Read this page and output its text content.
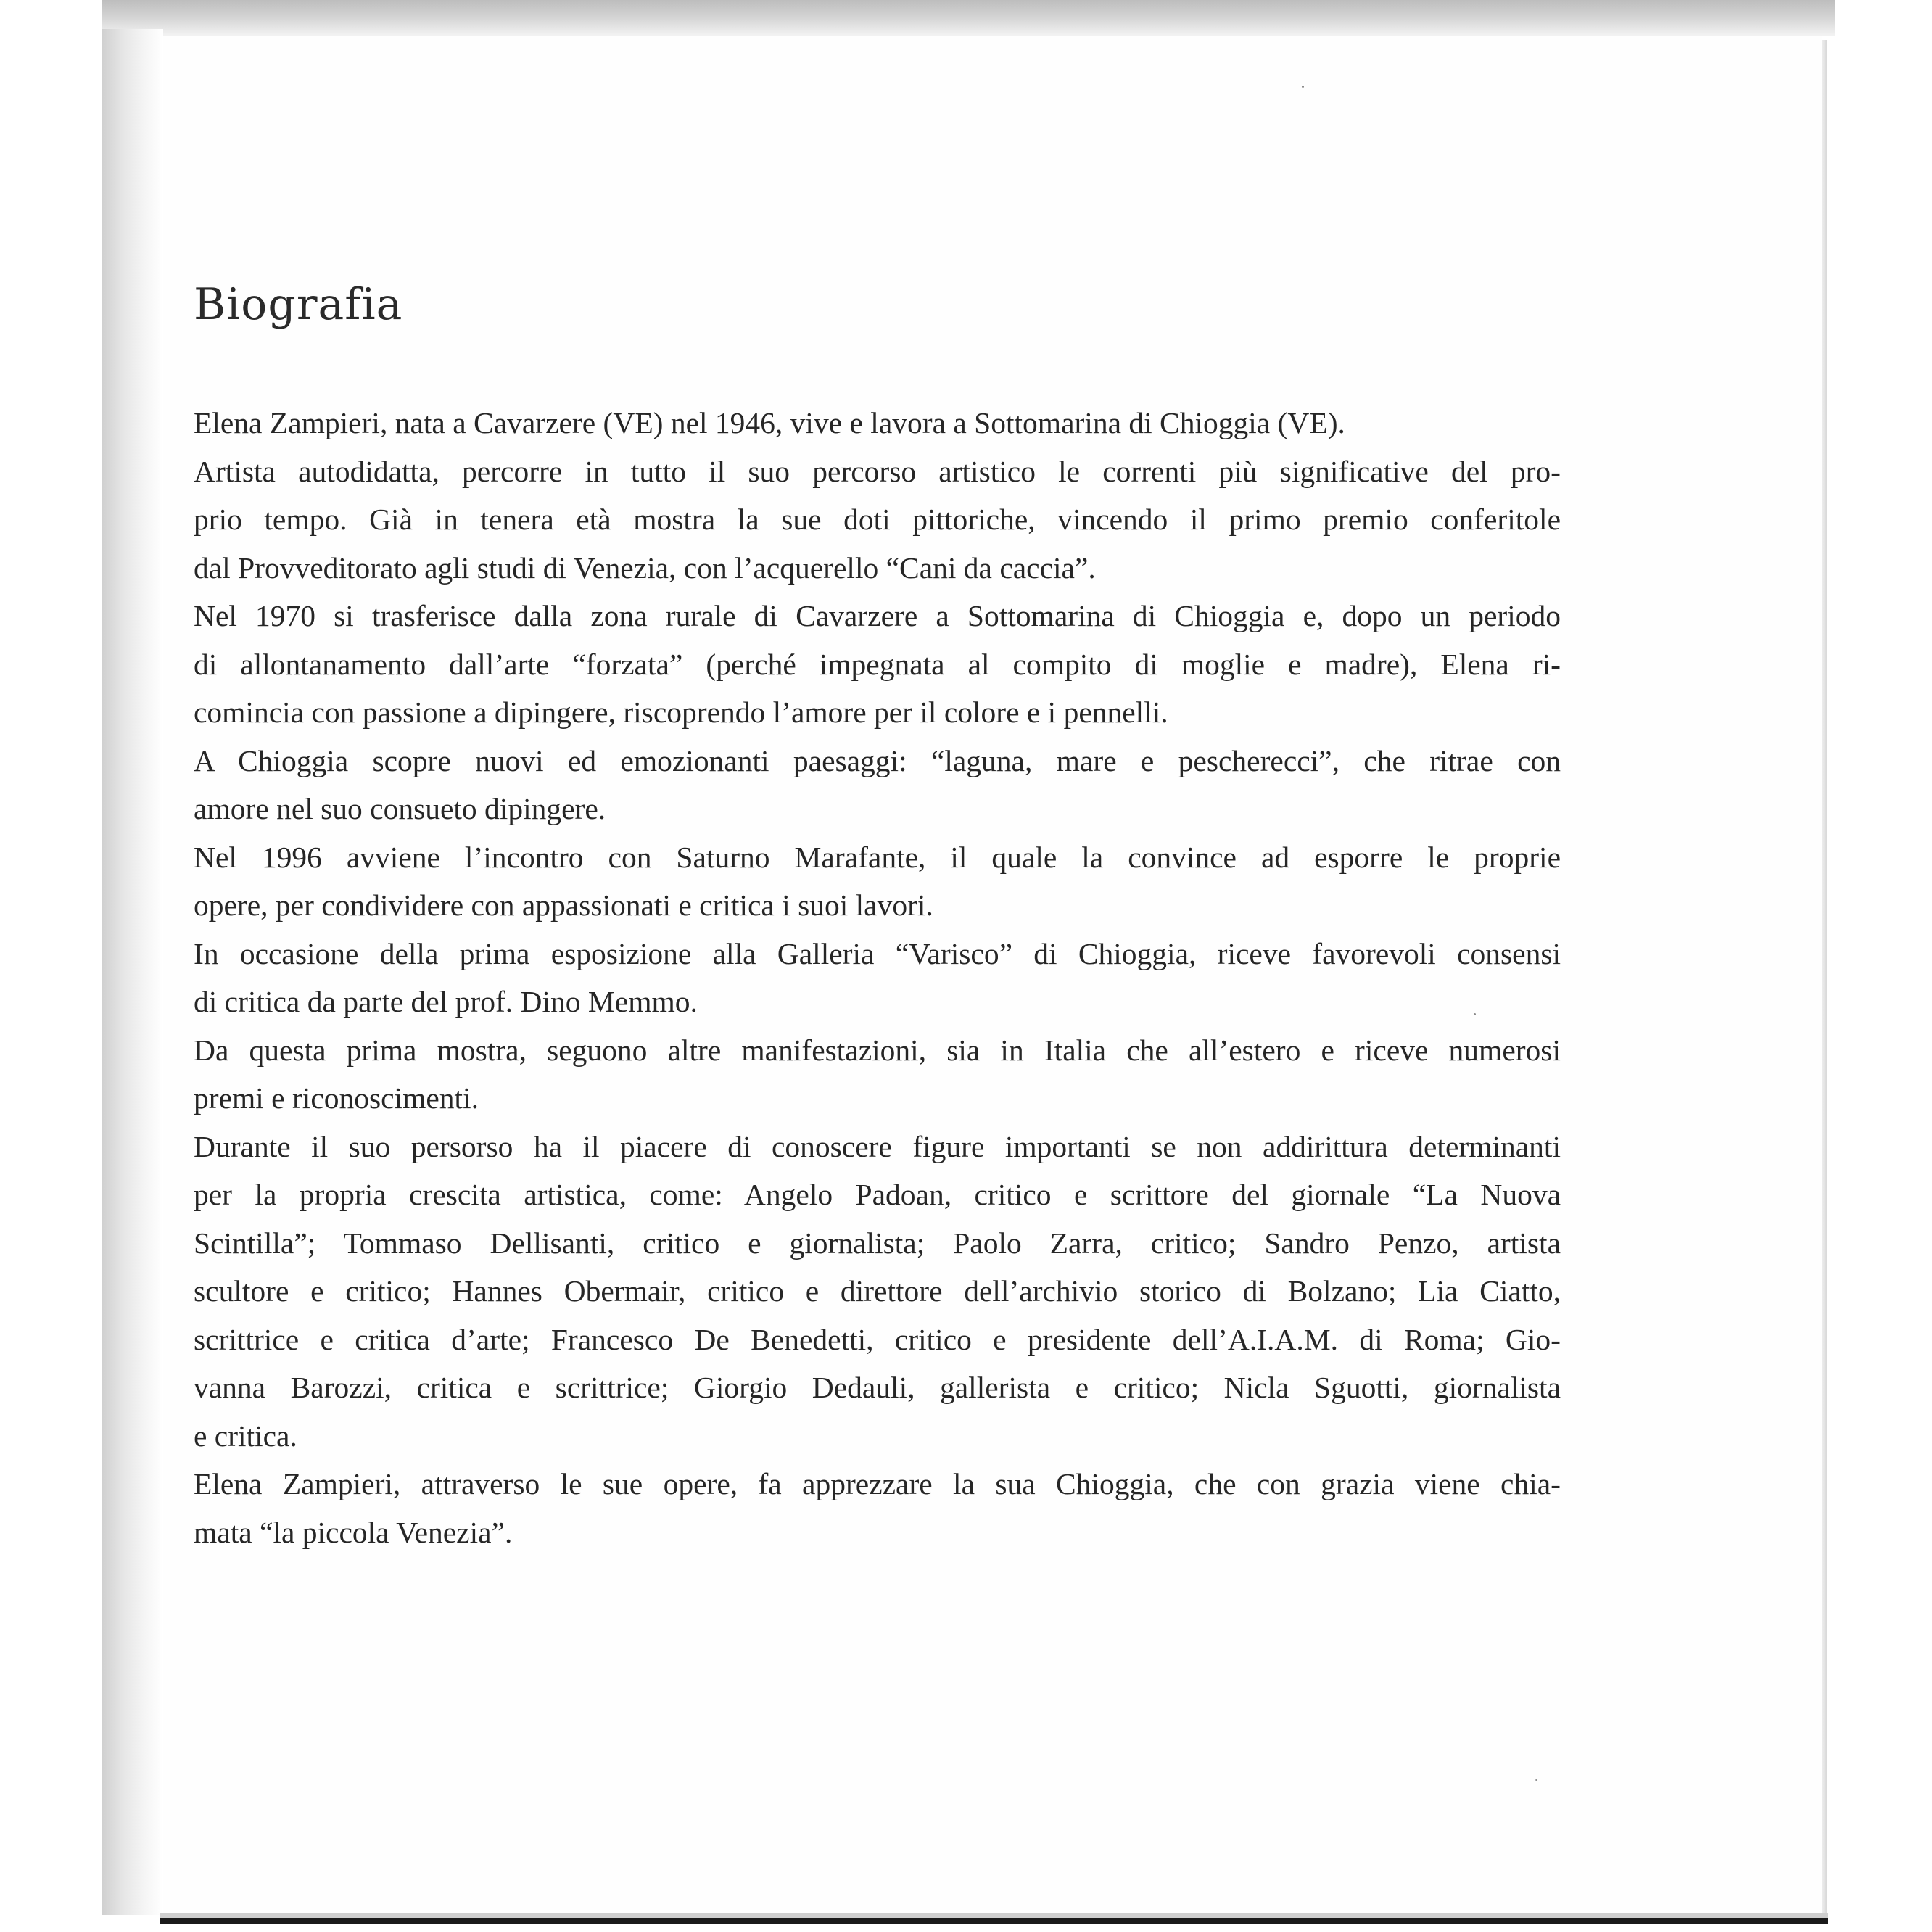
Biografia
Elena Zampieri, nata a Cavarzere (VE) nel 1946, vive e lavora a Sottomarina di Chioggia (VE).
Artista autodidatta, percorre in tutto il suo percorso artistico le correnti più significative del pro-
prio tempo. Già in tenera età mostra la sue doti pittoriche, vincendo il primo premio conferitole
dal Provveditorato agli studi di Venezia, con l’acquerello “Cani da caccia”.
Nel 1970 si trasferisce dalla zona rurale di Cavarzere a Sottomarina di Chioggia e, dopo un periodo
di allontanamento dall’arte “forzata” (perché impegnata al compito di moglie e madre), Elena ri-
comincia con passione a dipingere, riscoprendo l’amore per il colore e i pennelli.
A Chioggia scopre nuovi ed emozionanti paesaggi: “laguna, mare e pescherecci”, che ritrae con
amore nel suo consueto dipingere.
Nel 1996 avviene l’incontro con Saturno Marafante, il quale la convince ad esporre le proprie
opere, per condividere con appassionati e critica i suoi lavori.
In occasione della prima esposizione alla Galleria “Varisco” di Chioggia, riceve favorevoli consensi
di critica da parte del prof. Dino Memmo.
Da questa prima mostra, seguono altre manifestazioni, sia in Italia che all’estero e riceve numerosi
premi e riconoscimenti.
Durante il suo persorso ha il piacere di conoscere figure importanti se non addirittura determinanti
per la propria crescita artistica, come: Angelo Padoan, critico e scrittore del giornale “La Nuova
Scintilla”; Tommaso Dellisanti, critico e giornalista; Paolo Zarra, critico; Sandro Penzo, artista
scultore e critico; Hannes Obermair, critico e direttore dell’archivio storico di Bolzano; Lia Ciatto,
scrittrice e critica d’arte; Francesco De Benedetti, critico e presidente dell’A.I.A.M. di Roma; Gio-
vanna Barozzi, critica e scrittrice; Giorgio Dedauli, gallerista e critico; Nicla Sguotti, giornalista
e critica.
Elena Zampieri, attraverso le sue opere, fa apprezzare la sua Chioggia, che con grazia viene chia-
mata “la piccola Venezia”.
